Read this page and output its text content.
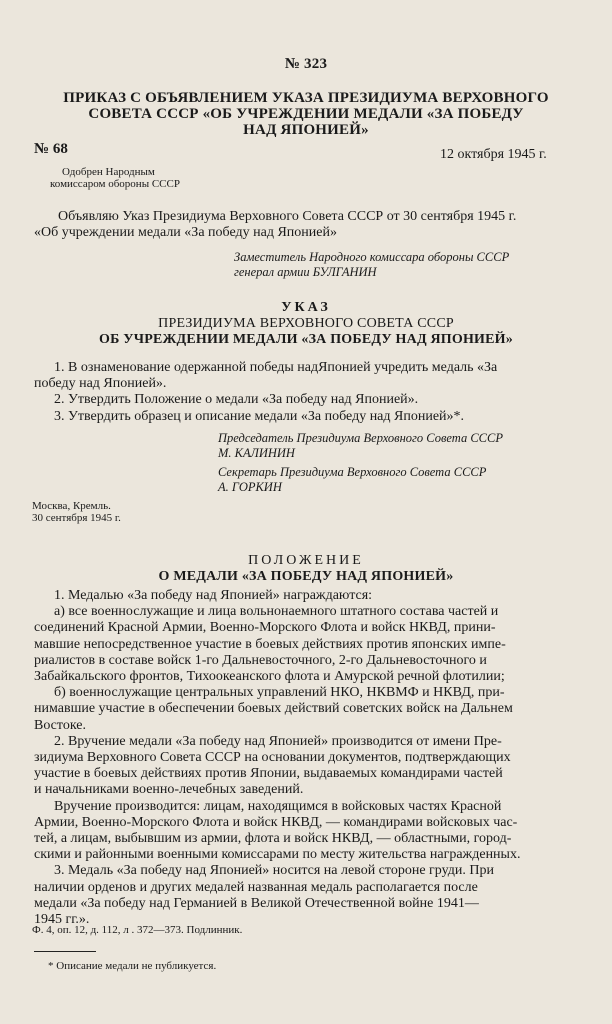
№ 323
ПРИКАЗ С ОБЪЯВЛЕНИЕМ УКАЗА ПРЕЗИДИУМА ВЕРХОВНОГО
СОВЕТА СССР «ОБ УЧРЕЖДЕНИИ МЕДАЛИ «ЗА ПОБЕДУ
НАД ЯПОНИЕЙ»
№ 68	12 октября 1945 г.
Одобрен Народным
комиссаром обороны СССР
Объявляю Указ Президиума Верховного Совета СССР от 30 сентября 1945 г.
«Об учреждении медали «За победу над Японией»
Заместитель Народного комиссара обороны СССР
генерал армии БУЛГАНИН
УКАЗ
ПРЕЗИДИУМА ВЕРХОВНОГО СОВЕТА СССР
ОБ УЧРЕЖДЕНИИ МЕДАЛИ «ЗА ПОБЕДУ НАД ЯПОНИЕЙ»
1. В ознаменование одержанной победы надЯпонией учредить медаль «За
победу над Японией».
2. Утвердить Положение о медали «За победу над Японией».
3. Утвердить образец и описание медали «За победу над Японией»*.
Председатель Президиума Верховного Совета СССР
М. КАЛИНИН
Секретарь Президиума Верховного Совета СССР
А. ГОРКИН
Москва, Кремль.
30 сентября 1945 г.
ПОЛОЖЕНИЕ
О МЕДАЛИ «ЗА ПОБЕДУ НАД ЯПОНИЕЙ»
1. Медалью «За победу над Японией» награждаются:
а) все военнослужащие и лица вольнонаемного штатного состава частей и
соединений Красной Армии, Военно-Морского Флота и войск НКВД, прини-
мавшие непосредственное участие в боевых действиях против японских импе-
риалистов в составе войск 1-го Дальневосточного, 2-го Дальневосточного и
Забайкальского фронтов, Тихоокеанского флота и Амурской речной флотилии;
б) военнослужащие центральных управлений НКО, НКВМФ и НКВД, при-
нимавшие участие в обеспечении боевых действий советских войск на Дальнем
Востоке.
2. Вручение медали «За победу над Японией» производится от имени Пре-
зидиума Верховного Совета СССР на основании документов, подтверждающих
участие в боевых действиях против Японии, выдаваемых командирами частей
и начальниками военно-лечебных заведений.
Вручение производится: лицам, находящимся в войсковых частях Красной
Армии, Военно-Морского Флота и войск НКВД, — командирами войсковых час-
тей, а лицам, выбывшим из армии, флота и войск НКВД, — областными, город-
скими и районными военными комиссарами по месту жительства награжденных.
3. Медаль «За победу над Японией» носится на левой стороне груди. При
наличии орденов и других медалей названная медаль располагается после
медали «За победу над Германией в Великой Отечественной войне 1941—
1945 гг.».
Ф. 4, оп. 12, д. 112, л . 372—373. Подлинник.
* Описание медали не публикуется.
